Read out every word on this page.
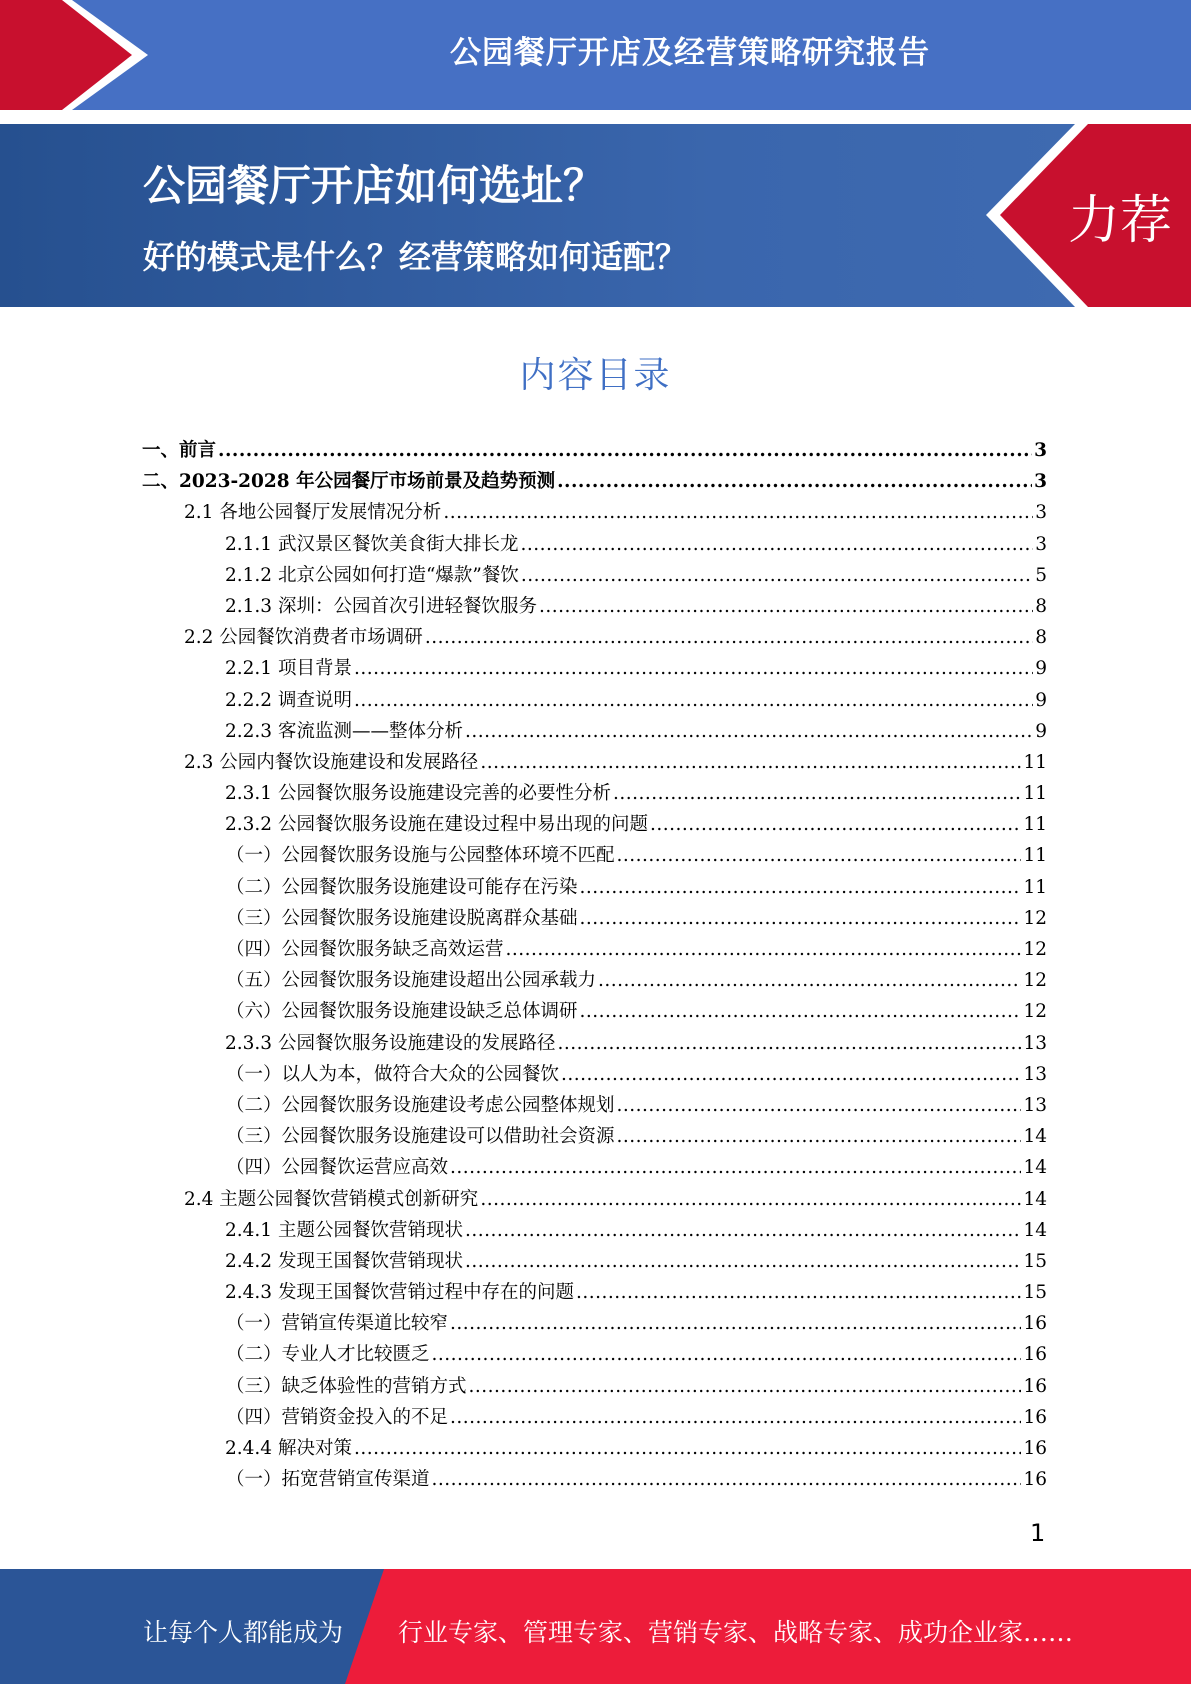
公园餐厅开店及经营策略研究报告
公园餐厅开店如何选址？
好的模式是什么？经营策略如何适配？
力荐
内容目录
一、前言 .....	3
二、2023-2028 年公园餐厅市场前景及趋势预测 .....	3
2.1 各地公园餐厅发展情况分析 .....	3
2.1.1 武汉景区餐饮美食街大排长龙 .....	3
2.1.2 北京公园如何打造“爆款”餐饮 .....	5
2.1.3 深圳：公园首次引进轻餐饮服务 .....	8
2.2 公园餐饮消费者市场调研 .....	8
2.2.1 项目背景 .....	9
2.2.2 调查说明 .....	9
2.2.3 客流监测——整体分析 .....	9
2.3 公园内餐饮设施建设和发展路径 .....	11
2.3.1 公园餐饮服务设施建设完善的必要性分析 .....	11
2.3.2 公园餐饮服务设施在建设过程中易出现的问题 .....	11
（一）公园餐饮服务设施与公园整体环境不匹配 .....	11
（二）公园餐饮服务设施建设可能存在污染 .....	11
（三）公园餐饮服务设施建设脱离群众基础 .....	12
（四）公园餐饮服务缺乏高效运营 .....	12
（五）公园餐饮服务设施建设超出公园承载力 .....	12
（六）公园餐饮服务设施建设缺乏总体调研 .....	12
2.3.3 公园餐饮服务设施建设的发展路径 .....	13
（一）以人为本，做符合大众的公园餐饮 .....	13
（二）公园餐饮服务设施建设考虑公园整体规划 .....	13
（三）公园餐饮服务设施建设可以借助社会资源 .....	14
（四）公园餐饮运营应高效 .....	14
2.4 主题公园餐饮营销模式创新研究 .....	14
2.4.1 主题公园餐饮营销现状 .....	14
2.4.2 发现王国餐饮营销现状 .....	15
2.4.3 发现王国餐饮营销过程中存在的问题 .....	15
（一）营销宣传渠道比较窄 .....	16
（二）专业人才比较匮乏 .....	16
（三）缺乏体验性的营销方式 .....	16
（四）营销资金投入的不足 .....	16
2.4.4 解决对策 .....	16
（一）拓宽营销宣传渠道 .....	16
1
让每个人都能成为 行业专家、管理专家、营销专家、战略专家、成功企业家……
